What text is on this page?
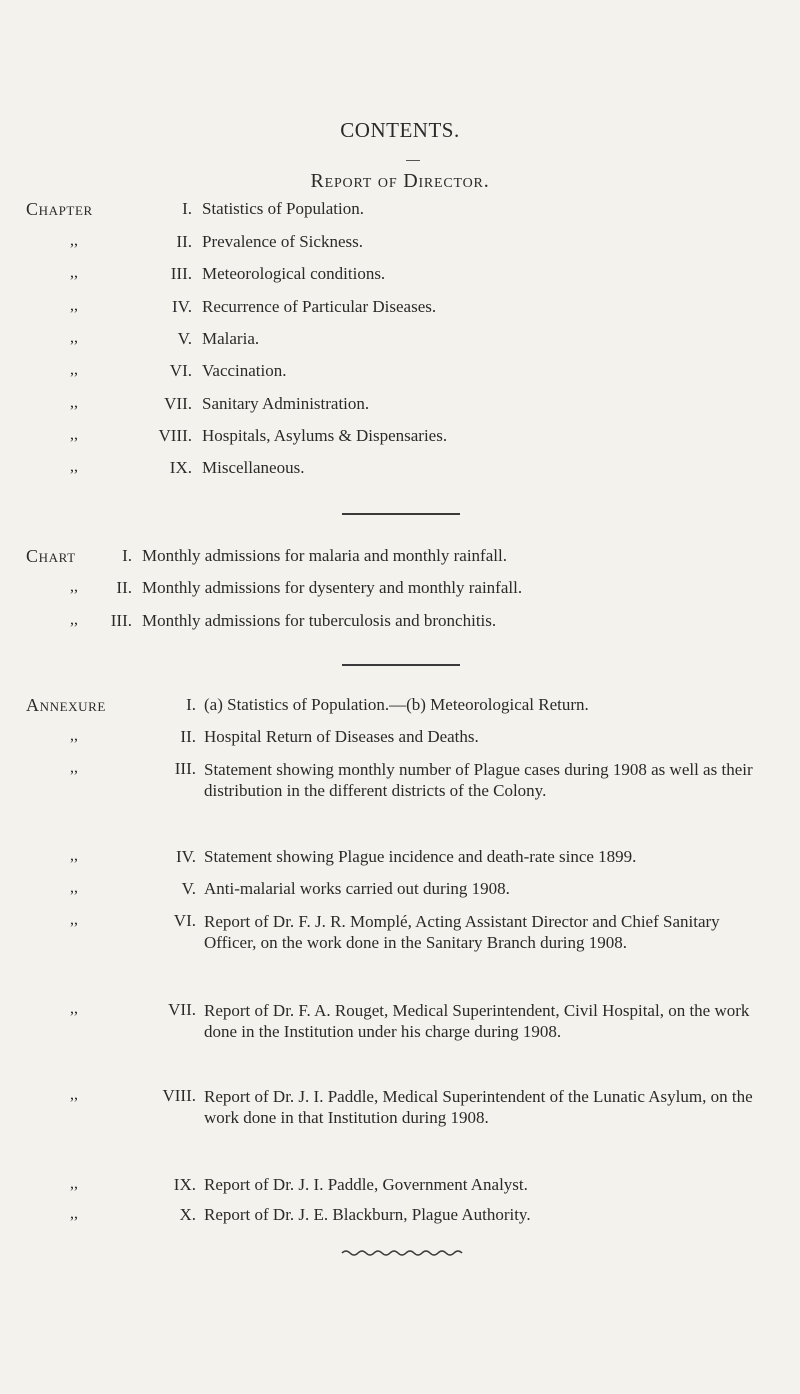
CONTENTS.
Report of Director.
Chapter	I. Statistics of Population.
,,	II. Prevalence of Sickness.
,,	III. Meteorological conditions.
,,	IV. Recurrence of Particular Diseases.
,,	V. Malaria.
,,	VI. Vaccination.
,,	VII. Sanitary Administration.
,,	VIII. Hospitals, Asylums & Dispensaries.
,,	IX. Miscellaneous.
Chart	I. Monthly admissions for malaria and monthly rainfall.
,,	II. Monthly admissions for dysentery and monthly rainfall.
,,	III. Monthly admissions for tuberculosis and bronchitis.
Annexure	I. (a) Statistics of Population.—(b) Meteorological Return.
,,	II. Hospital Return of Diseases and Deaths.
,,	III. Statement showing monthly number of Plague cases during 1908 as well as their distribution in the different districts of the Colony.
,,	IV. Statement showing Plague incidence and death-rate since 1899.
,,	V. Anti-malarial works carried out during 1908.
,,	VI. Report of Dr. F. J. R. Momplé, Acting Assistant Director and Chief Sanitary Officer, on the work done in the Sanitary Branch during 1908.
,,	VII. Report of Dr. F. A. Rouget, Medical Superintendent, Civil Hospital, on the work done in the Institution under his charge during 1908.
,,	VIII. Report of Dr. J. I. Paddle, Medical Superintendent of the Lunatic Asylum, on the work done in that Institution during 1908.
,,	IX. Report of Dr. J. I. Paddle, Government Analyst.
,,	X. Report of Dr. J. E. Blackburn, Plague Authority.
